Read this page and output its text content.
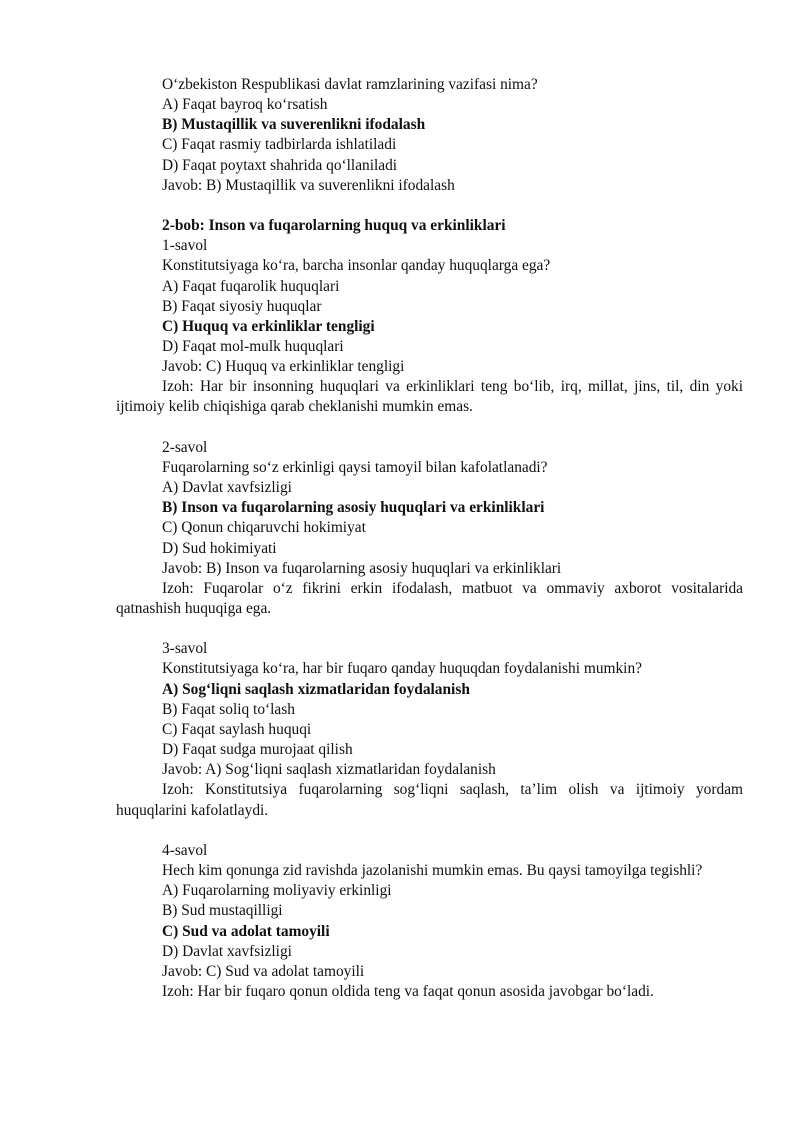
O‘zbekiston Respublikasi davlat ramzlarining vazifasi nima?

A) Faqat bayroq ko‘rsatish

B) Mustaqillik va suverenlikni ifodalash

C) Faqat rasmiy tadbirlarda ishlatiladi

D) Faqat poytaxt shahrida qo‘llaniladi

Javob: B) Mustaqillik va suverenlikni ifodalash

2-bob: Inson va fuqarolarning huquq va erkinliklari

1-savol

Konstitutsiyaga ko‘ra, barcha insonlar qanday huquqlarga ega?

A) Faqat fuqarolik huquqlari

B) Faqat siyosiy huquqlar

C) Huquq va erkinliklar tengligi

D) Faqat mol-mulk huquqlari

Javob: C) Huquq va erkinliklar tengligi

Izoh: Har bir insonning huquqlari va erkinliklari teng bo‘lib, irq, millat, jins, til, din yoki ijtimoiy kelib chiqishiga qarab cheklanishi mumkin emas.

2-savol

Fuqarolarning so‘z erkinligi qaysi tamoyil bilan kafolatlanadi?

A) Davlat xavfsizligi

B) Inson va fuqarolarning asosiy huquqlari va erkinliklari

C) Qonun chiqaruvchi hokimiyat

D) Sud hokimiyati

Javob: B) Inson va fuqarolarning asosiy huquqlari va erkinliklari

Izoh: Fuqarolar o‘z fikrini erkin ifodalash, matbuot va ommaviy axborot vositalarida qatnashish huquqiga ega.

3-savol

Konstitutsiyaga ko‘ra, har bir fuqaro qanday huquqdan foydalanishi mumkin?

A) Sog‘liqni saqlash xizmatlaridan foydalanish

B) Faqat soliq to‘lash

C) Faqat saylash huquqi

D) Faqat sudga murojaat qilish

Javob: A) Sog‘liqni saqlash xizmatlaridan foydalanish

Izoh: Konstitutsiya fuqarolarning sog‘liqni saqlash, ta’lim olish va ijtimoiy yordam huquqlarini kafolatlaydi.

4-savol

Hech kim qonunga zid ravishda jazolanishi mumkin emas. Bu qaysi tamoyilga tegishli?

A) Fuqarolarning moliyaviy erkinligi

B) Sud mustaqilligi

C) Sud va adolat tamoyili

D) Davlat xavfsizligi

Javob: C) Sud va adolat tamoyili

Izoh: Har bir fuqaro qonun oldida teng va faqat qonun asosida javobgar bo‘ladi.
